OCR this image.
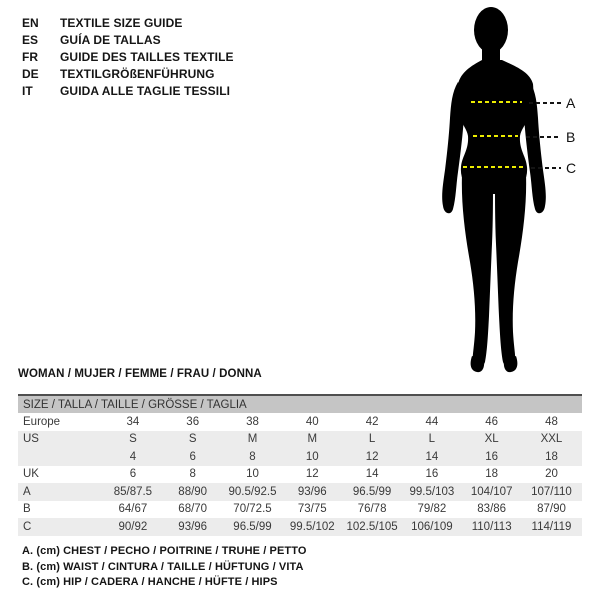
EN	TEXTILE SIZE GUIDE
ES	GUÍA DE TALLAS
FR	GUIDE DES TAILLES TEXTILE
DE	TEXTILGRÖßENFÜHRUNG
IT	GUIDA ALLE TAGLIE TESSILI
A
B
C
WOMAN / MUJER / FEMME / FRAU / DONNA
SIZE / TALLA / TAILLE / GRÖSSE / TAGLIA
Europe	34	36	38	40	42	44	46	48
US	S	S	M	M	L	L	XL	XXL
4	6	8	10	12	14	16	18
UK	6	8	10	12	14	16	18	20
A	85/87.5	88/90	90.5/92.5	93/96	96.5/99	99.5/103	104/107	107/110
B	64/67	68/70	70/72.5	73/75	76/78	79/82	83/86	87/90
C	90/92	93/96	96.5/99	99.5/102	102.5/105	106/109	110/113	114/119
A. (cm) CHEST / PECHO / POITRINE / TRUHE / PETTO
B. (cm) WAIST / CINTURA / TAILLE / HÜFTUNG / VITA
C. (cm) HIP / CADERA / HANCHE / HÜFTE / HIPS
